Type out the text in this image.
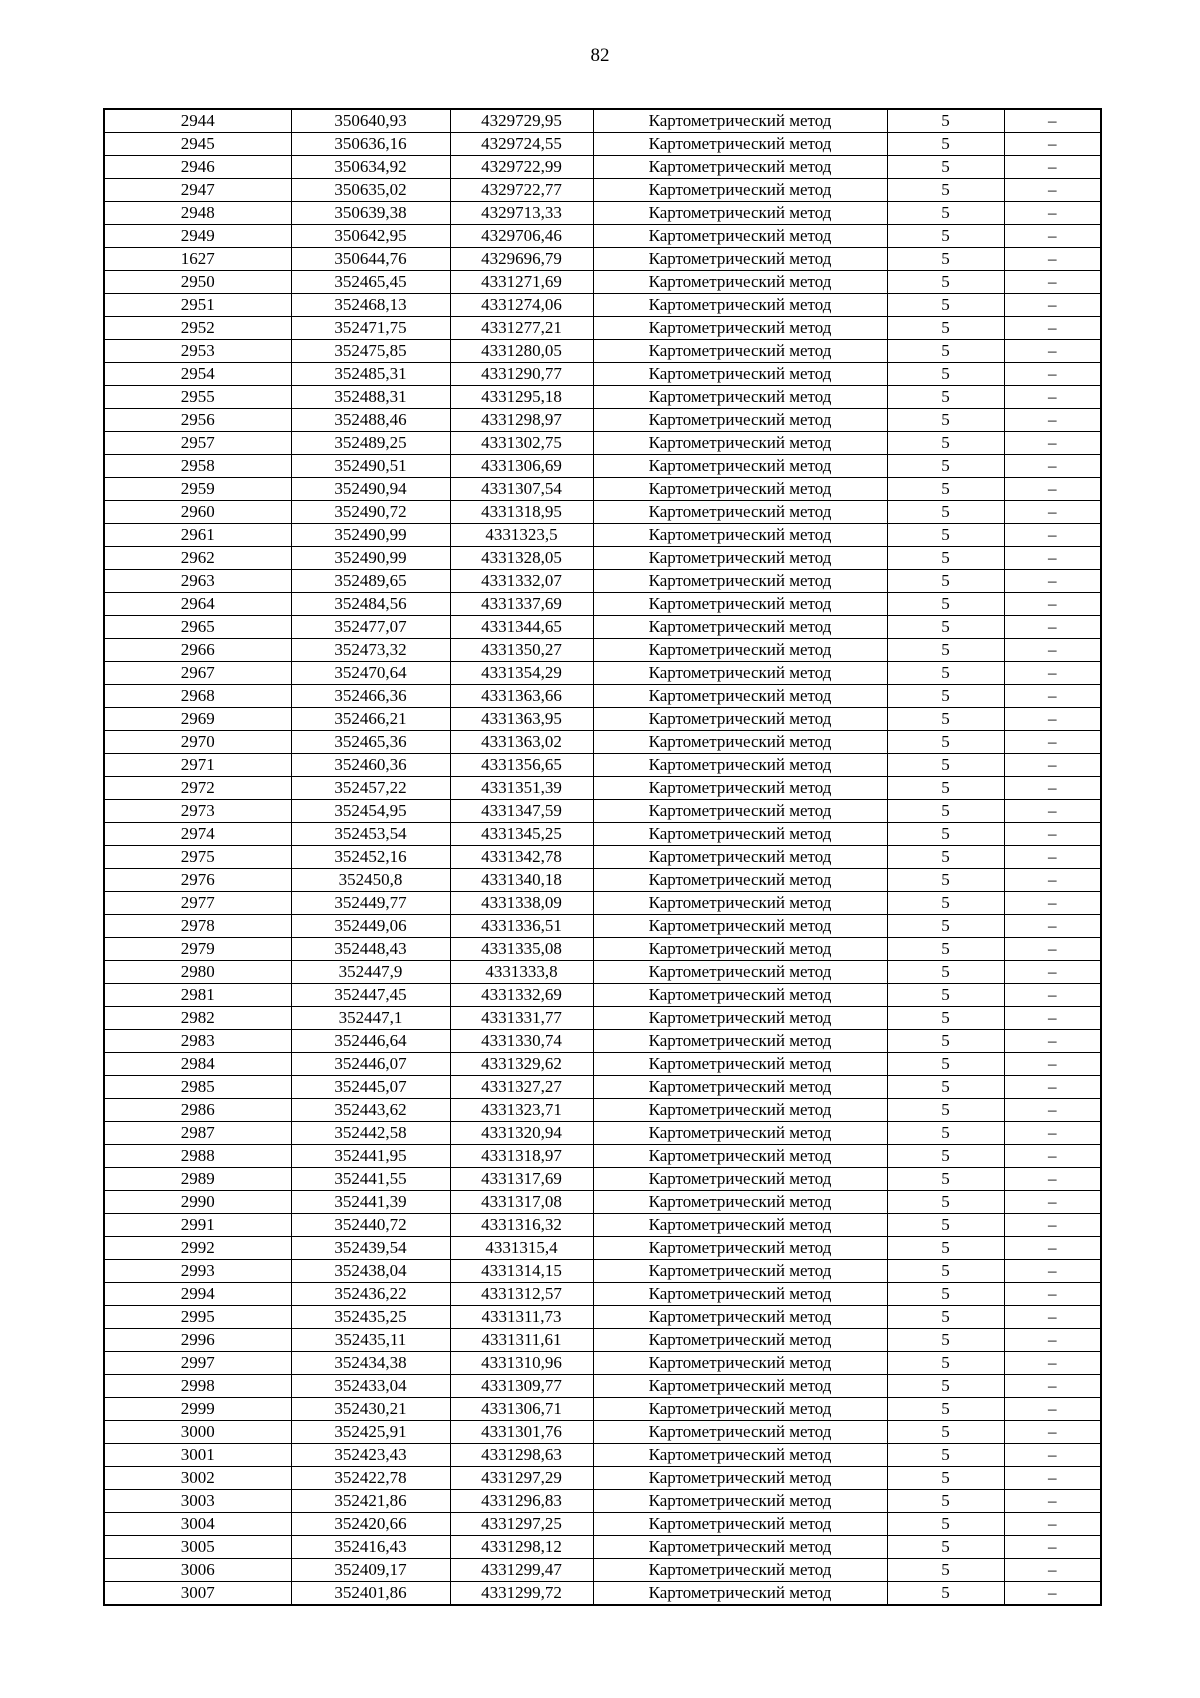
82
2944	350640,93	4329729,95	Картометрический метод	5	–
2945	350636,16	4329724,55	Картометрический метод	5	–
2946	350634,92	4329722,99	Картометрический метод	5	–
2947	350635,02	4329722,77	Картометрический метод	5	–
2948	350639,38	4329713,33	Картометрический метод	5	–
2949	350642,95	4329706,46	Картометрический метод	5	–
1627	350644,76	4329696,79	Картометрический метод	5	–
2950	352465,45	4331271,69	Картометрический метод	5	–
2951	352468,13	4331274,06	Картометрический метод	5	–
2952	352471,75	4331277,21	Картометрический метод	5	–
2953	352475,85	4331280,05	Картометрический метод	5	–
2954	352485,31	4331290,77	Картометрический метод	5	–
2955	352488,31	4331295,18	Картометрический метод	5	–
2956	352488,46	4331298,97	Картометрический метод	5	–
2957	352489,25	4331302,75	Картометрический метод	5	–
2958	352490,51	4331306,69	Картометрический метод	5	–
2959	352490,94	4331307,54	Картометрический метод	5	–
2960	352490,72	4331318,95	Картометрический метод	5	–
2961	352490,99	4331323,5	Картометрический метод	5	–
2962	352490,99	4331328,05	Картометрический метод	5	–
2963	352489,65	4331332,07	Картометрический метод	5	–
2964	352484,56	4331337,69	Картометрический метод	5	–
2965	352477,07	4331344,65	Картометрический метод	5	–
2966	352473,32	4331350,27	Картометрический метод	5	–
2967	352470,64	4331354,29	Картометрический метод	5	–
2968	352466,36	4331363,66	Картометрический метод	5	–
2969	352466,21	4331363,95	Картометрический метод	5	–
2970	352465,36	4331363,02	Картометрический метод	5	–
2971	352460,36	4331356,65	Картометрический метод	5	–
2972	352457,22	4331351,39	Картометрический метод	5	–
2973	352454,95	4331347,59	Картометрический метод	5	–
2974	352453,54	4331345,25	Картометрический метод	5	–
2975	352452,16	4331342,78	Картометрический метод	5	–
2976	352450,8	4331340,18	Картометрический метод	5	–
2977	352449,77	4331338,09	Картометрический метод	5	–
2978	352449,06	4331336,51	Картометрический метод	5	–
2979	352448,43	4331335,08	Картометрический метод	5	–
2980	352447,9	4331333,8	Картометрический метод	5	–
2981	352447,45	4331332,69	Картометрический метод	5	–
2982	352447,1	4331331,77	Картометрический метод	5	–
2983	352446,64	4331330,74	Картометрический метод	5	–
2984	352446,07	4331329,62	Картометрический метод	5	–
2985	352445,07	4331327,27	Картометрический метод	5	–
2986	352443,62	4331323,71	Картометрический метод	5	–
2987	352442,58	4331320,94	Картометрический метод	5	–
2988	352441,95	4331318,97	Картометрический метод	5	–
2989	352441,55	4331317,69	Картометрический метод	5	–
2990	352441,39	4331317,08	Картометрический метод	5	–
2991	352440,72	4331316,32	Картометрический метод	5	–
2992	352439,54	4331315,4	Картометрический метод	5	–
2993	352438,04	4331314,15	Картометрический метод	5	–
2994	352436,22	4331312,57	Картометрический метод	5	–
2995	352435,25	4331311,73	Картометрический метод	5	–
2996	352435,11	4331311,61	Картометрический метод	5	–
2997	352434,38	4331310,96	Картометрический метод	5	–
2998	352433,04	4331309,77	Картометрический метод	5	–
2999	352430,21	4331306,71	Картометрический метод	5	–
3000	352425,91	4331301,76	Картометрический метод	5	–
3001	352423,43	4331298,63	Картометрический метод	5	–
3002	352422,78	4331297,29	Картометрический метод	5	–
3003	352421,86	4331296,83	Картометрический метод	5	–
3004	352420,66	4331297,25	Картометрический метод	5	–
3005	352416,43	4331298,12	Картометрический метод	5	–
3006	352409,17	4331299,47	Картометрический метод	5	–
3007	352401,86	4331299,72	Картометрический метод	5	–
